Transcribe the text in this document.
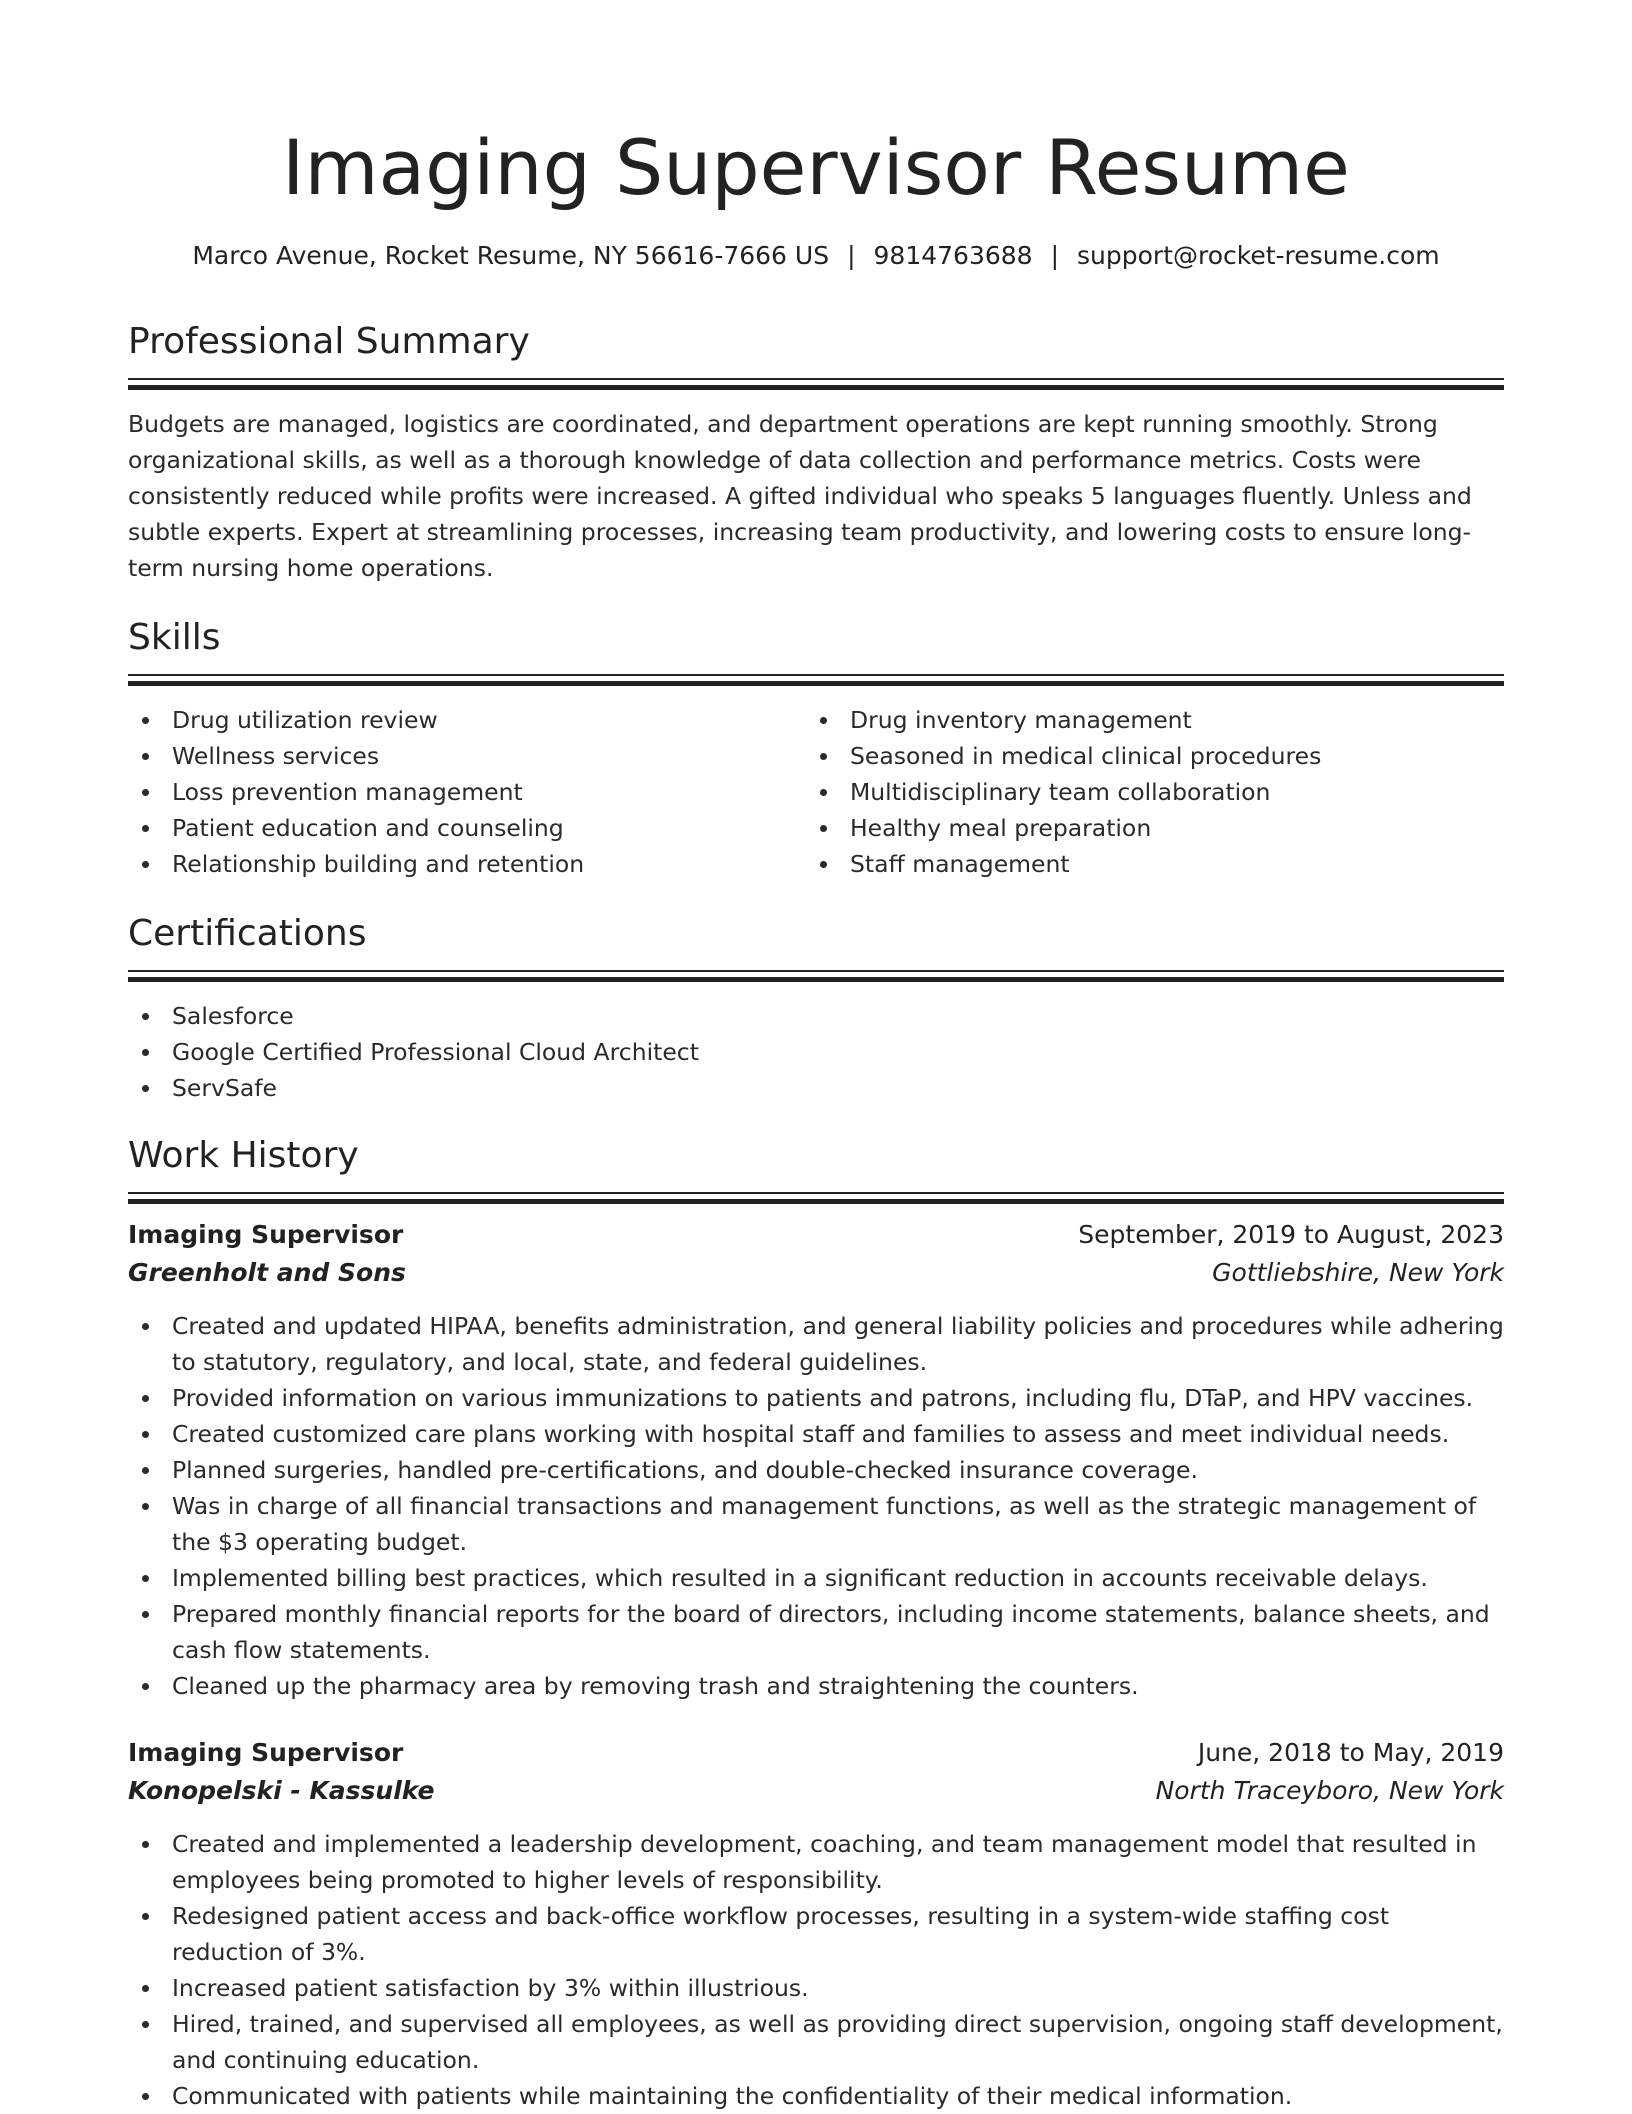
Imaging Supervisor Resume
Marco Avenue, Rocket Resume, NY 56616-7666 US | 9814763688 | support@rocket-resume.com
Professional Summary

Budgets are managed, logistics are coordinated, and department operations are kept running smoothly. Strong organizational skills, as well as a thorough knowledge of data collection and performance metrics. Costs were consistently reduced while profits were increased. A gifted individual who speaks 5 languages fluently. Unless and subtle experts. Expert at streamlining processes, increasing team productivity, and lowering costs to ensure long-term nursing home operations.

Skills
Drug utilization review
Wellness services
Loss prevention management
Patient education and counseling
Relationship building and retention
Drug inventory management
Seasoned in medical clinical procedures
Multidisciplinary team collaboration
Healthy meal preparation
Staff management
Certifications
Salesforce
Google Certified Professional Cloud Architect
ServSafe
Work History
Imaging Supervisor	September, 2019 to August, 2023
Greenholt and Sons	Gottliebshire, New York
Created and updated HIPAA, benefits administration, and general liability policies and procedures while adhering to statutory, regulatory, and local, state, and federal guidelines.
Provided information on various immunizations to patients and patrons, including flu, DTaP, and HPV vaccines.
Created customized care plans working with hospital staff and families to assess and meet individual needs.
Planned surgeries, handled pre-certifications, and double-checked insurance coverage.
Was in charge of all financial transactions and management functions, as well as the strategic management of the $3 operating budget.
Implemented billing best practices, which resulted in a significant reduction in accounts receivable delays.
Prepared monthly financial reports for the board of directors, including income statements, balance sheets, and cash flow statements.
Cleaned up the pharmacy area by removing trash and straightening the counters.
Imaging Supervisor	June, 2018 to May, 2019
Konopelski - Kassulke	North Traceyboro, New York
Created and implemented a leadership development, coaching, and team management model that resulted in employees being promoted to higher levels of responsibility.
Redesigned patient access and back-office workflow processes, resulting in a system-wide staffing cost reduction of 3%.
Increased patient satisfaction by 3% within illustrious.
Hired, trained, and supervised all employees, as well as providing direct supervision, ongoing staff development, and continuing education.
Communicated with patients while maintaining the confidentiality of their medical information.
